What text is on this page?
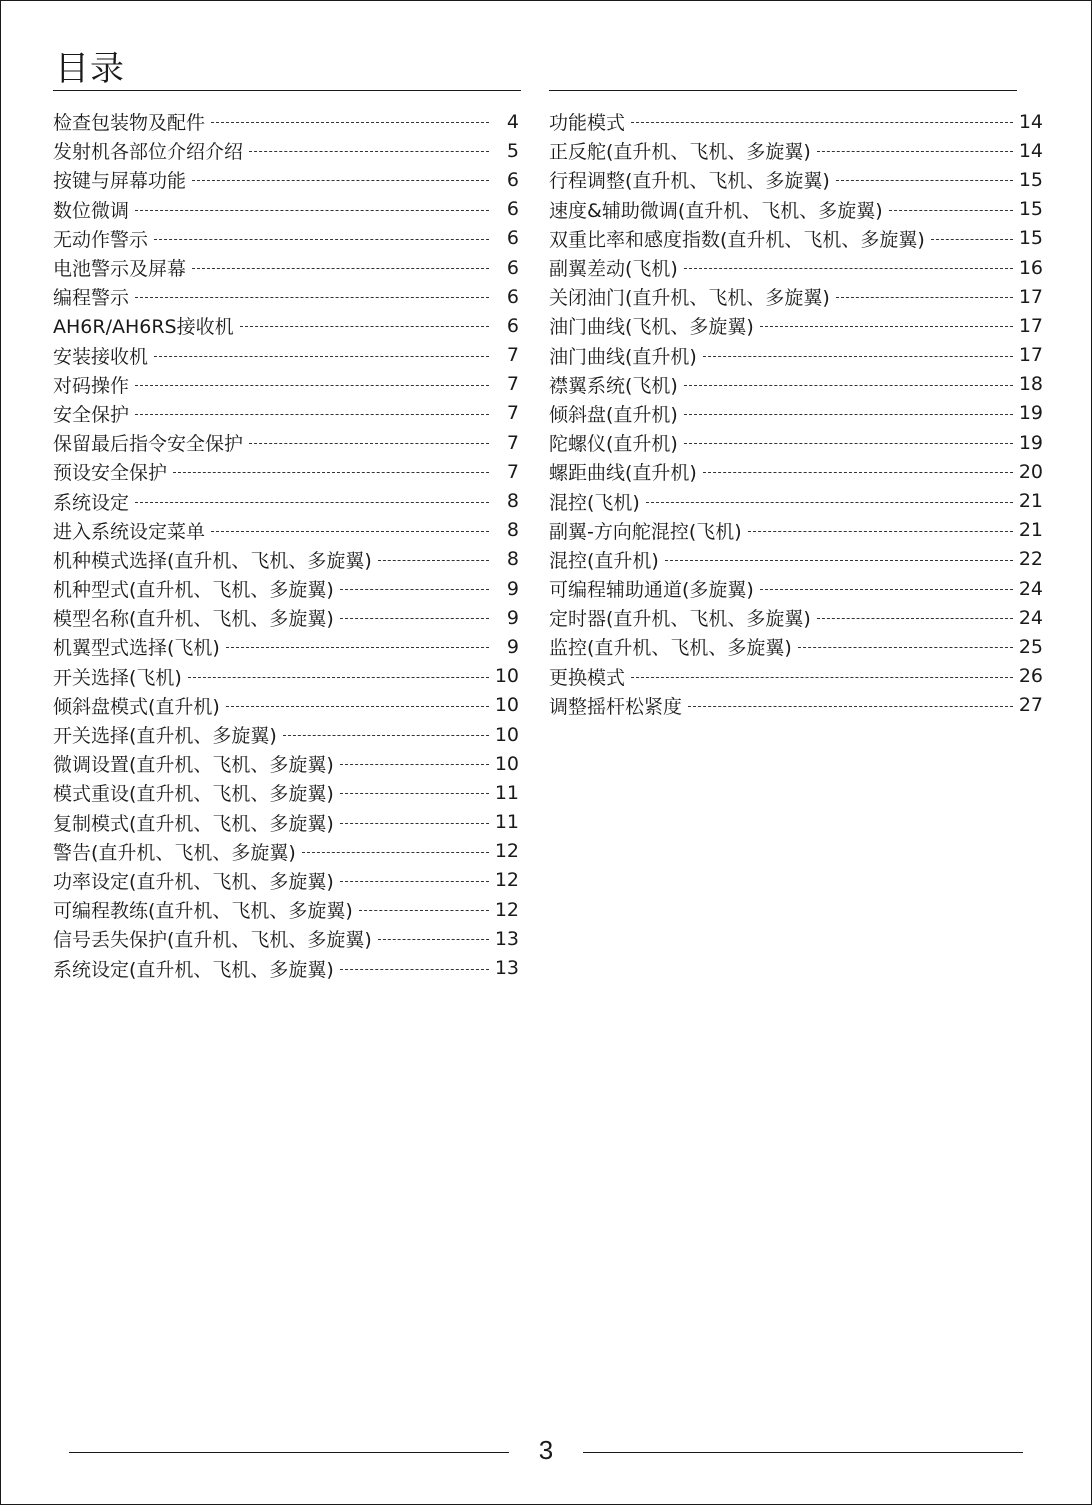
目录
检查包装物及配件	4
发射机各部位介绍介绍	5
按键与屏幕功能	6
数位微调	6
无动作警示	6
电池警示及屏幕	6
编程警示	6
AH6R/AH6RS接收机	6
安装接收机	7
对码操作	7
安全保护	7
保留最后指令安全保护	7
预设安全保护	7
系统设定	8
进入系统设定菜单	8
机种模式选择(直升机、飞机、多旋翼)	8
机种型式(直升机、飞机、多旋翼)	9
模型名称(直升机、飞机、多旋翼)	9
机翼型式选择(飞机)	9
开关选择(飞机)	10
倾斜盘模式(直升机)	10
开关选择(直升机、多旋翼)	10
微调设置(直升机、飞机、多旋翼)	10
模式重设(直升机、飞机、多旋翼)	11
复制模式(直升机、飞机、多旋翼)	11
警告(直升机、飞机、多旋翼)	12
功率设定(直升机、飞机、多旋翼)	12
可编程教练(直升机、飞机、多旋翼)	12
信号丢失保护(直升机、飞机、多旋翼)	13
系统设定(直升机、飞机、多旋翼)	13
功能模式	14
正反舵(直升机、飞机、多旋翼)	14
行程调整(直升机、飞机、多旋翼)	15
速度&辅助微调(直升机、飞机、多旋翼)	15
双重比率和感度指数(直升机、飞机、多旋翼)	15
副翼差动(飞机)	16
关闭油门(直升机、飞机、多旋翼)	17
油门曲线(飞机、多旋翼)	17
油门曲线(直升机)	17
襟翼系统(飞机)	18
倾斜盘(直升机)	19
陀螺仪(直升机)	19
螺距曲线(直升机)	20
混控(飞机)	21
副翼-方向舵混控(飞机)	21
混控(直升机)	22
可编程辅助通道(多旋翼)	24
定时器(直升机、飞机、多旋翼)	24
监控(直升机、飞机、多旋翼)	25
更换模式	26
调整摇杆松紧度	27
3
